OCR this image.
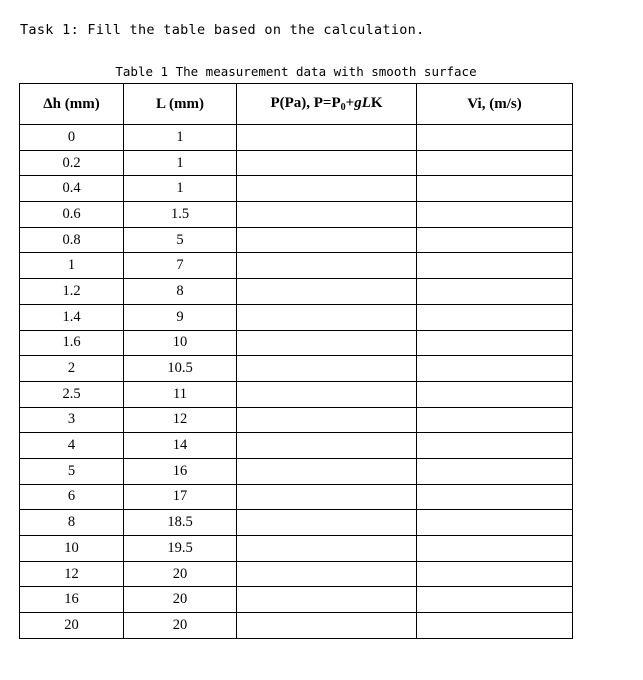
Task 1: Fill the table based on the calculation.
Table 1 The measurement data with smooth surface
Δh (mm)	L (mm)	P(Pa), $P=P_0+gLK$	Vi, (m/s)
0	1		
0.2	1		
0.4	1		
0.6	1.5		
0.8	5		
1	7		
1.2	8		
1.4	9		
1.6	10		
2	10.5		
2.5	11		
3	12		
4	14		
5	16		
6	17		
8	18.5		
10	19.5		
12	20		
16	20		
20	20		
